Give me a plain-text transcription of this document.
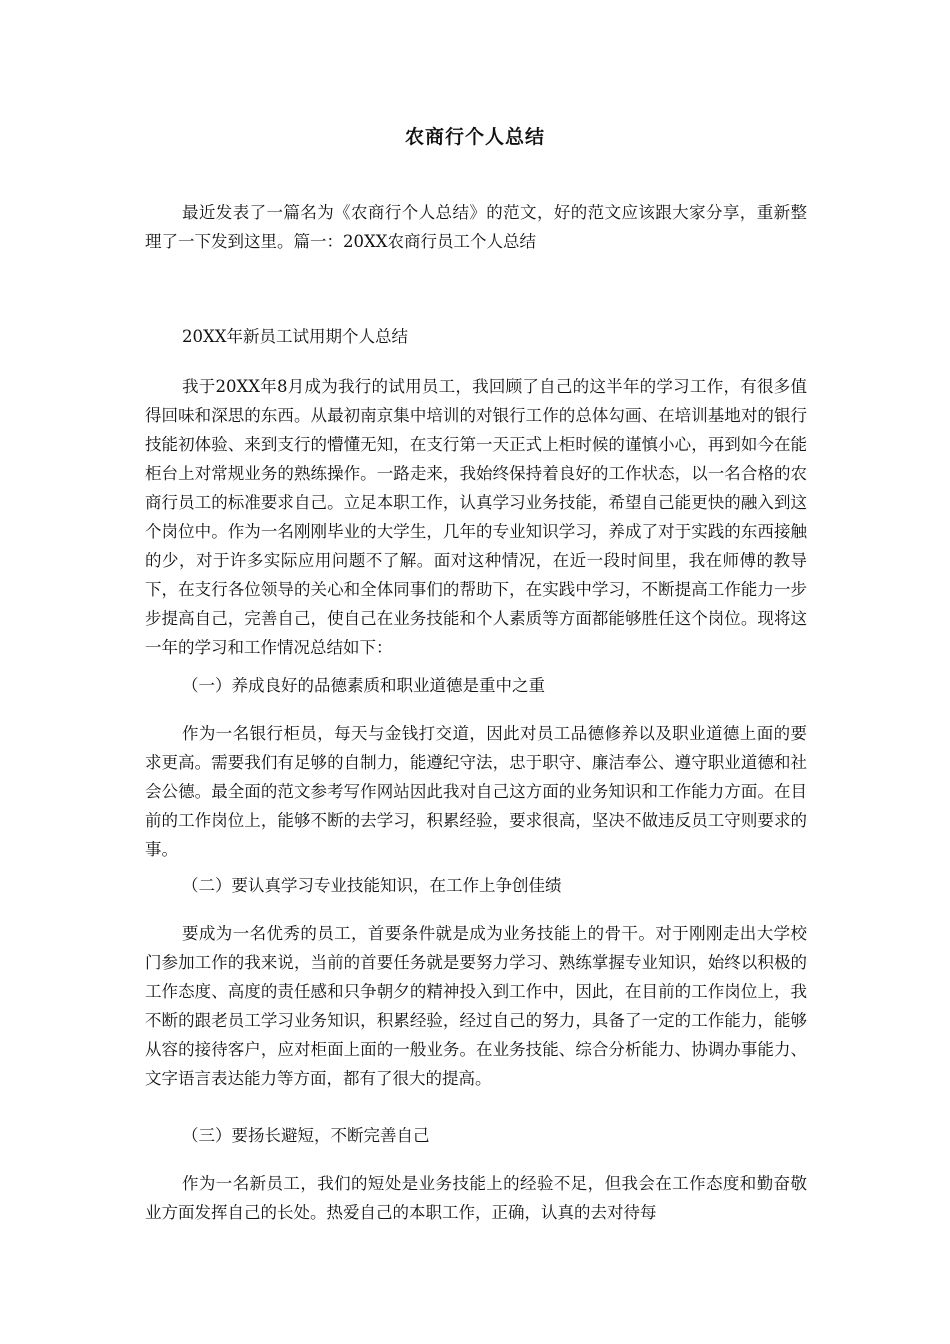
农商行个人总结

最近发表了一篇名为《农商行个人总结》的范文，好的范文应该跟大家分享，重新整理了一下发到这里。篇一：20XX农商行员工个人总结

20XX年新员工试用期个人总结

我于20XX年8月成为我行的试用员工，我回顾了自己的这半年的学习工作，有很多值得回味和深思的东西。从最初南京集中培训的对银行工作的总体勾画、在培训基地对的银行技能初体验、来到支行的懵懂无知，在支行第一天正式上柜时候的谨慎小心，再到如今在能柜台上对常规业务的熟练操作。一路走来，我始终保持着良好的工作状态，以一名合格的农商行员工的标准要求自己。立足本职工作，认真学习业务技能，希望自己能更快的融入到这个岗位中。作为一名刚刚毕业的大学生，几年的专业知识学习，养成了对于实践的东西接触的少，对于许多实际应用问题不了解。面对这种情况，在近一段时间里，我在师傅的教导下，在支行各位领导的关心和全体同事们的帮助下，在实践中学习，不断提高工作能力一步步提高自己，完善自己，使自己在业务技能和个人素质等方面都能够胜任这个岗位。现将这一年的学习和工作情况总结如下：

（一）养成良好的品德素质和职业道德是重中之重

作为一名银行柜员，每天与金钱打交道，因此对员工品德修养以及职业道德上面的要求更高。需要我们有足够的自制力，能遵纪守法，忠于职守、廉洁奉公、遵守职业道德和社会公德。最全面的范文参考写作网站因此我对自己这方面的业务知识和工作能力方面。在目前的工作岗位上，能够不断的去学习，积累经验，要求很高，坚决不做违反员工守则要求的事。

（二）要认真学习专业技能知识，在工作上争创佳绩

要成为一名优秀的员工，首要条件就是成为业务技能上的骨干。对于刚刚走出大学校门参加工作的我来说，当前的首要任务就是要努力学习、熟练掌握专业知识，始终以积极的工作态度、高度的责任感和只争朝夕的精神投入到工作中，因此，在目前的工作岗位上，我不断的跟老员工学习业务知识，积累经验，经过自己的努力，具备了一定的工作能力，能够从容的接待客户，应对柜面上面的一般业务。在业务技能、综合分析能力、协调办事能力、文字语言表达能力等方面，都有了很大的提高。

（三）要扬长避短，不断完善自己

作为一名新员工，我们的短处是业务技能上的经验不足，但我会在工作态度和勤奋敬业方面发挥自己的长处。热爱自己的本职工作，正确，认真的去对待每
